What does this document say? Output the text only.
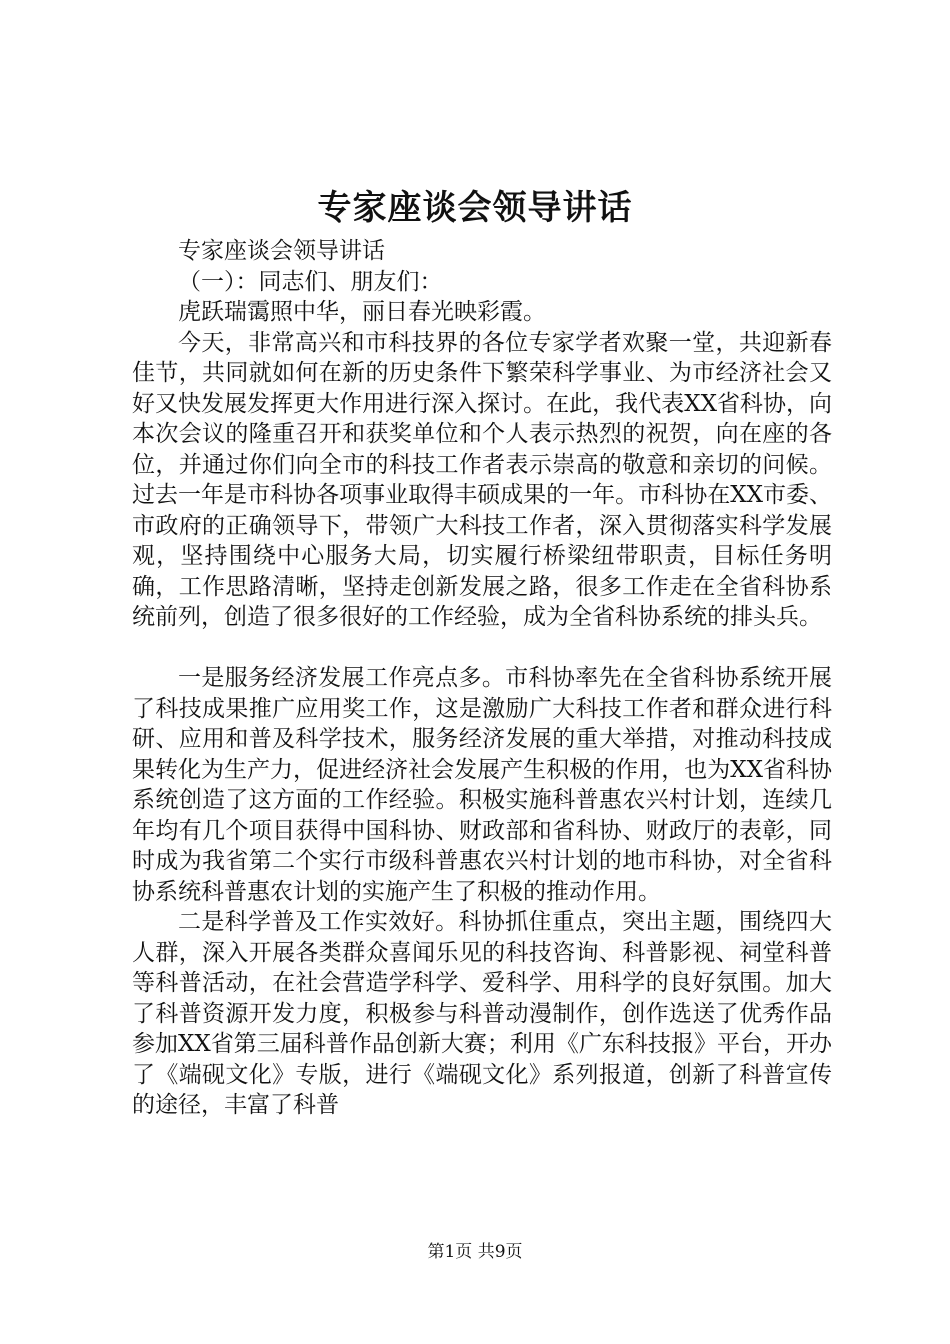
专家座谈会领导讲话

专家座谈会领导讲话

（一）：同志们、朋友们：

虎跃瑞霭照中华，丽日春光映彩霞。

今天，非常高兴和市科技界的各位专家学者欢聚一堂，共迎新春佳节，共同就如何在新的历史条件下繁荣科学事业、为市经济社会又好又快发展发挥更大作用进行深入探讨。在此，我代表XX省科协，向本次会议的隆重召开和获奖单位和个人表示热烈的祝贺，向在座的各位，并通过你们向全市的科技工作者表示崇高的敬意和亲切的问候。过去一年是市科协各项事业取得丰硕成果的一年。市科协在XX市委、市政府的正确领导下，带领广大科技工作者，深入贯彻落实科学发展观，坚持围绕中心服务大局，切实履行桥梁纽带职责，目标任务明确，工作思路清晰，坚持走创新发展之路，很多工作走在全省科协系统前列，创造了很多很好的工作经验，成为全省科协系统的排头兵。

一是服务经济发展工作亮点多。市科协率先在全省科协系统开展了科技成果推广应用奖工作，这是激励广大科技工作者和群众进行科研、应用和普及科学技术，服务经济发展的重大举措，对推动科技成果转化为生产力，促进经济社会发展产生积极的作用，也为XX省科协系统创造了这方面的工作经验。积极实施科普惠农兴村计划，连续几年均有几个项目获得中国科协、财政部和省科协、财政厅的表彰，同时成为我省第二个实行市级科普惠农兴村计划的地市科协，对全省科协系统科普惠农计划的实施产生了积极的推动作用。

二是科学普及工作实效好。科协抓住重点，突出主题，围绕四大人群，深入开展各类群众喜闻乐见的科技咨询、科普影视、祠堂科普等科普活动，在社会营造学科学、爱科学、用科学的良好氛围。加大了科普资源开发力度，积极参与科普动漫制作，创作选送了优秀作品参加XX省第三届科普作品创新大赛；利用《广东科技报》平台，开办了《端砚文化》专版，进行《端砚文化》系列报道，创新了科普宣传的途径，丰富了科普

第1页 共9页
